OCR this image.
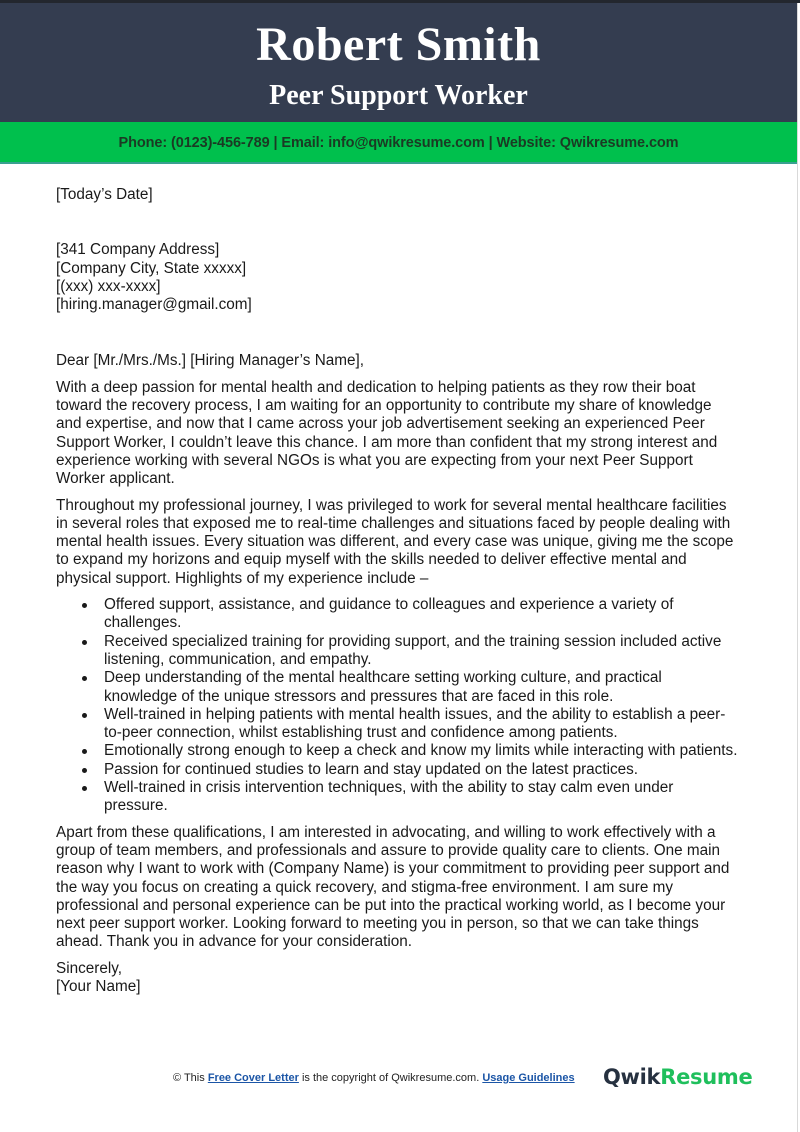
Robert Smith
Peer Support Worker
Phone: (0123)-456-789 | Email: info@qwikresume.com | Website: Qwikresume.com
[Today’s Date]
[341 Company Address]
[Company City, State xxxxx]
[(xxx) xxx-xxxx]
[hiring.manager@gmail.com]

Dear [Mr./Mrs./Ms.] [Hiring Manager’s Name],

With a deep passion for mental health and dedication to helping patients as they row their boat
toward the recovery process, I am waiting for an opportunity to contribute my share of knowledge
and expertise, and now that I came across your job advertisement seeking an experienced Peer
Support Worker, I couldn’t leave this chance. I am more than confident that my strong interest and
experience working with several NGOs is what you are expecting from your next Peer Support
Worker applicant.

Throughout my professional journey, I was privileged to work for several mental healthcare facilities
in several roles that exposed me to real-time challenges and situations faced by people dealing with
mental health issues. Every situation was different, and every case was unique, giving me the scope
to expand my horizons and equip myself with the skills needed to deliver effective mental and
physical support. Highlights of my experience include –

Offered support, assistance, and guidance to colleagues and experience a variety of
challenges.
Received specialized training for providing support, and the training session included active
listening, communication, and empathy.
Deep understanding of the mental healthcare setting working culture, and practical
knowledge of the unique stressors and pressures that are faced in this role.
Well-trained in helping patients with mental health issues, and the ability to establish a peer-
to-peer connection, whilst establishing trust and confidence among patients.
Emotionally strong enough to keep a check and know my limits while interacting with patients.
Passion for continued studies to learn and stay updated on the latest practices.
Well-trained in crisis intervention techniques, with the ability to stay calm even under
pressure.

Apart from these qualifications, I am interested in advocating, and willing to work effectively with a
group of team members, and professionals and assure to provide quality care to clients. One main
reason why I want to work with (Company Name) is your commitment to providing peer support and
the way you focus on creating a quick recovery, and stigma-free environment. I am sure my
professional and personal experience can be put into the practical working world, as I become your
next peer support worker. Looking forward to meeting you in person, so that we can take things
ahead. Thank you in advance for your consideration.

Sincerely,
[Your Name]
© This Free Cover Letter is the copyright of Qwikresume.com. Usage Guidelines QwikResume
